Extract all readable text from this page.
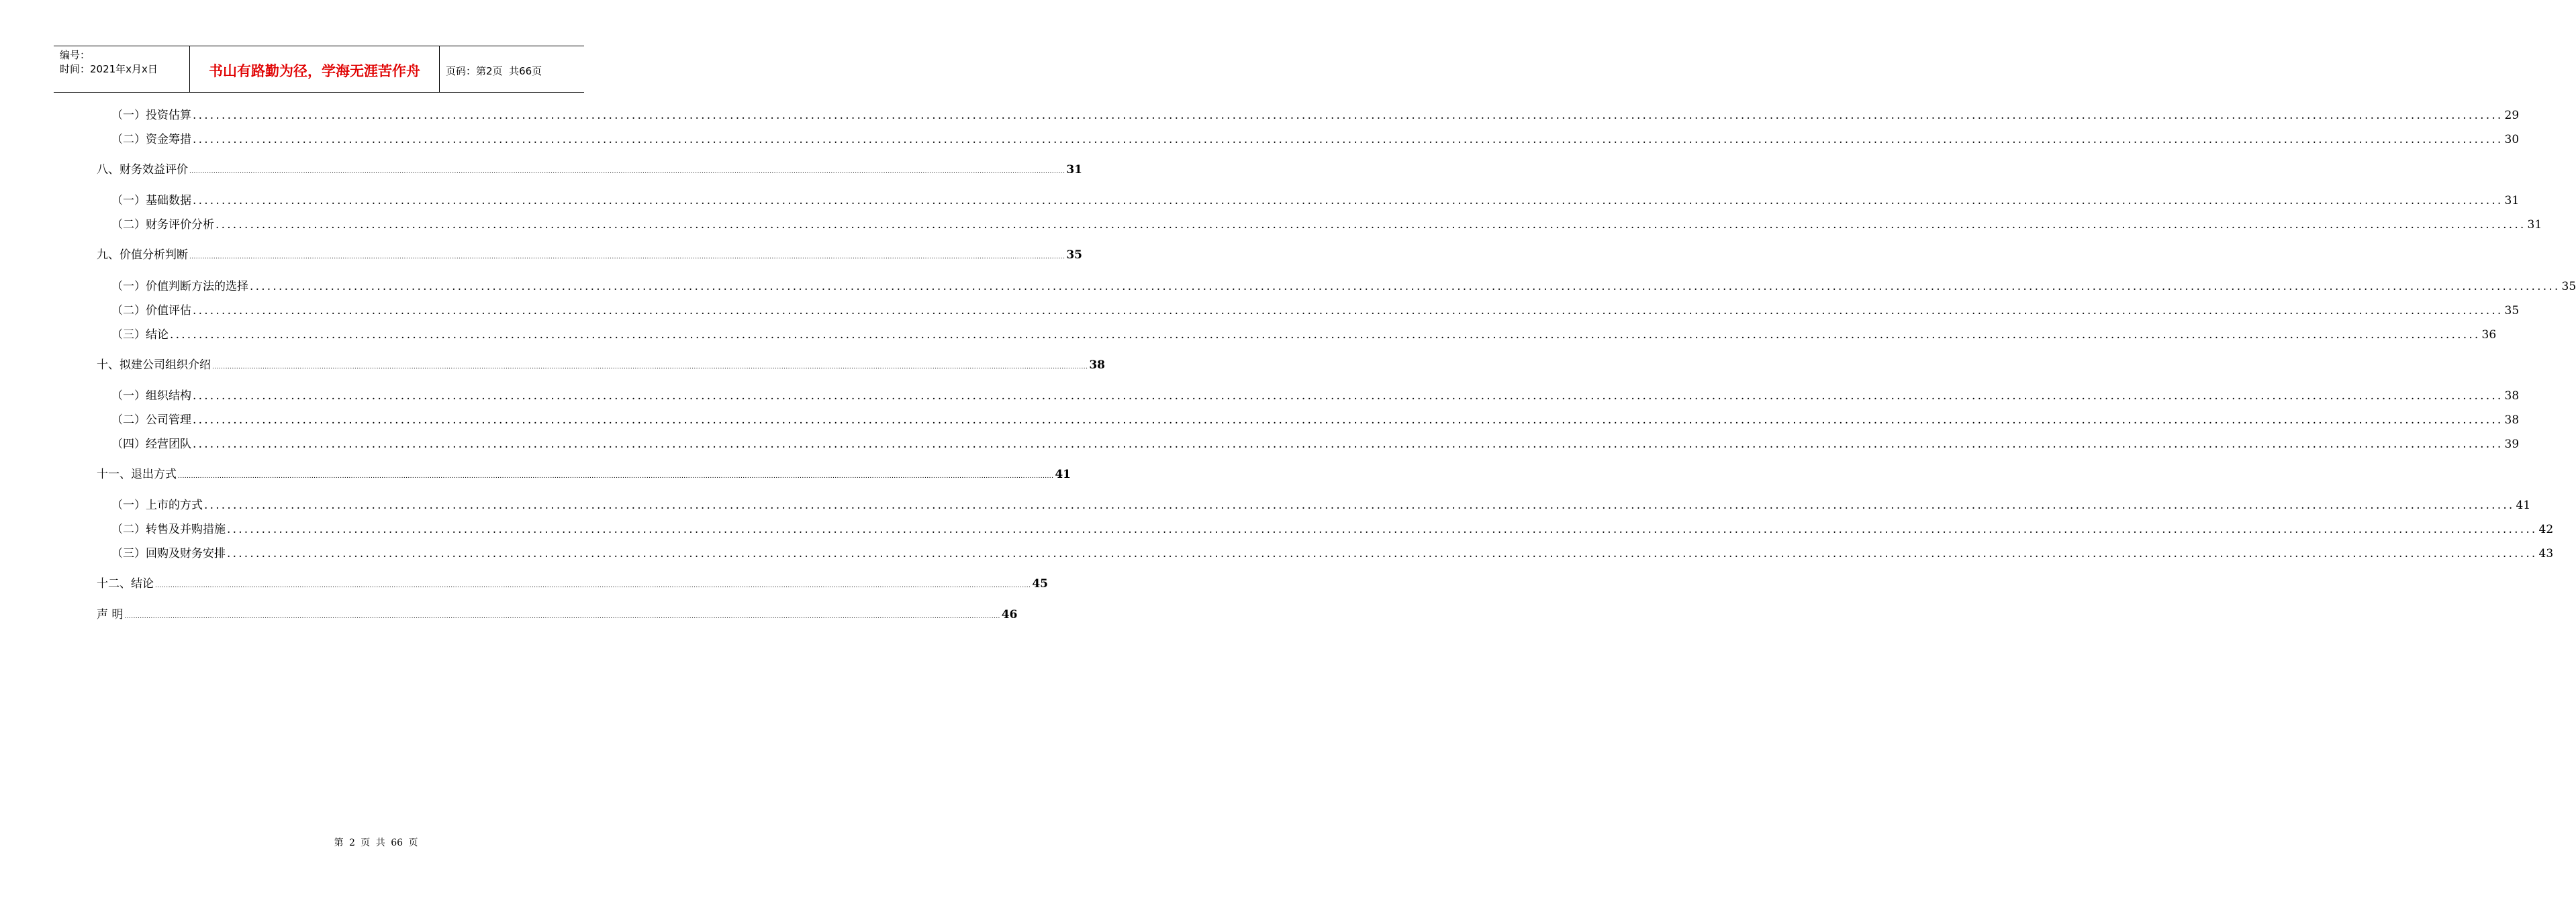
编号：
时间：2021年x月x日	书山有路勤为径，学海无涯苦作舟	页码：第2页  共66页
（一）投资估算 ................................................................................................................................................................................................................................................................................................................................................................................................................ 29
（二）资金筹措 ................................................................................................................................................................................................................................................................................................................................................................................................................ 30
八、财务效益评价 ................................................................................................................................................................................................................................................................................................................................................................................................................ 31
（一）基础数据 ................................................................................................................................................................................................................................................................................................................................................................................................................ 31
（二）财务评价分析 ................................................................................................................................................................................................................................................................................................................................................................................................................ 31
九、价值分析判断 ................................................................................................................................................................................................................................................................................................................................................................................................................ 35
（一）价值判断方法的选择 ................................................................................................................................................................................................................................................................................................................................................................................................................ 35
（二）价值评估 ................................................................................................................................................................................................................................................................................................................................................................................................................ 35
（三）结论 ................................................................................................................................................................................................................................................................................................................................................................................................................ 36
十、拟建公司组织介绍 ................................................................................................................................................................................................................................................................................................................................................................................................................ 38
（一）组织结构 ................................................................................................................................................................................................................................................................................................................................................................................................................ 38
（二）公司管理 ................................................................................................................................................................................................................................................................................................................................................................................................................ 38
（四）经营团队 ................................................................................................................................................................................................................................................................................................................................................................................................................ 39
十一、退出方式 ................................................................................................................................................................................................................................................................................................................................................................................................................ 41
（一）上市的方式 ................................................................................................................................................................................................................................................................................................................................................................................................................ 41
（二）转售及并购措施 ................................................................................................................................................................................................................................................................................................................................................................................................................ 42
（三）回购及财务安排 ................................................................................................................................................................................................................................................................................................................................................................................................................ 43
十二、结论 ................................................................................................................................................................................................................................................................................................................................................................................................................ 45
声 明 ................................................................................................................................................................................................................................................................................................................................................................................................................ 46
第 2 页 共 66 页
